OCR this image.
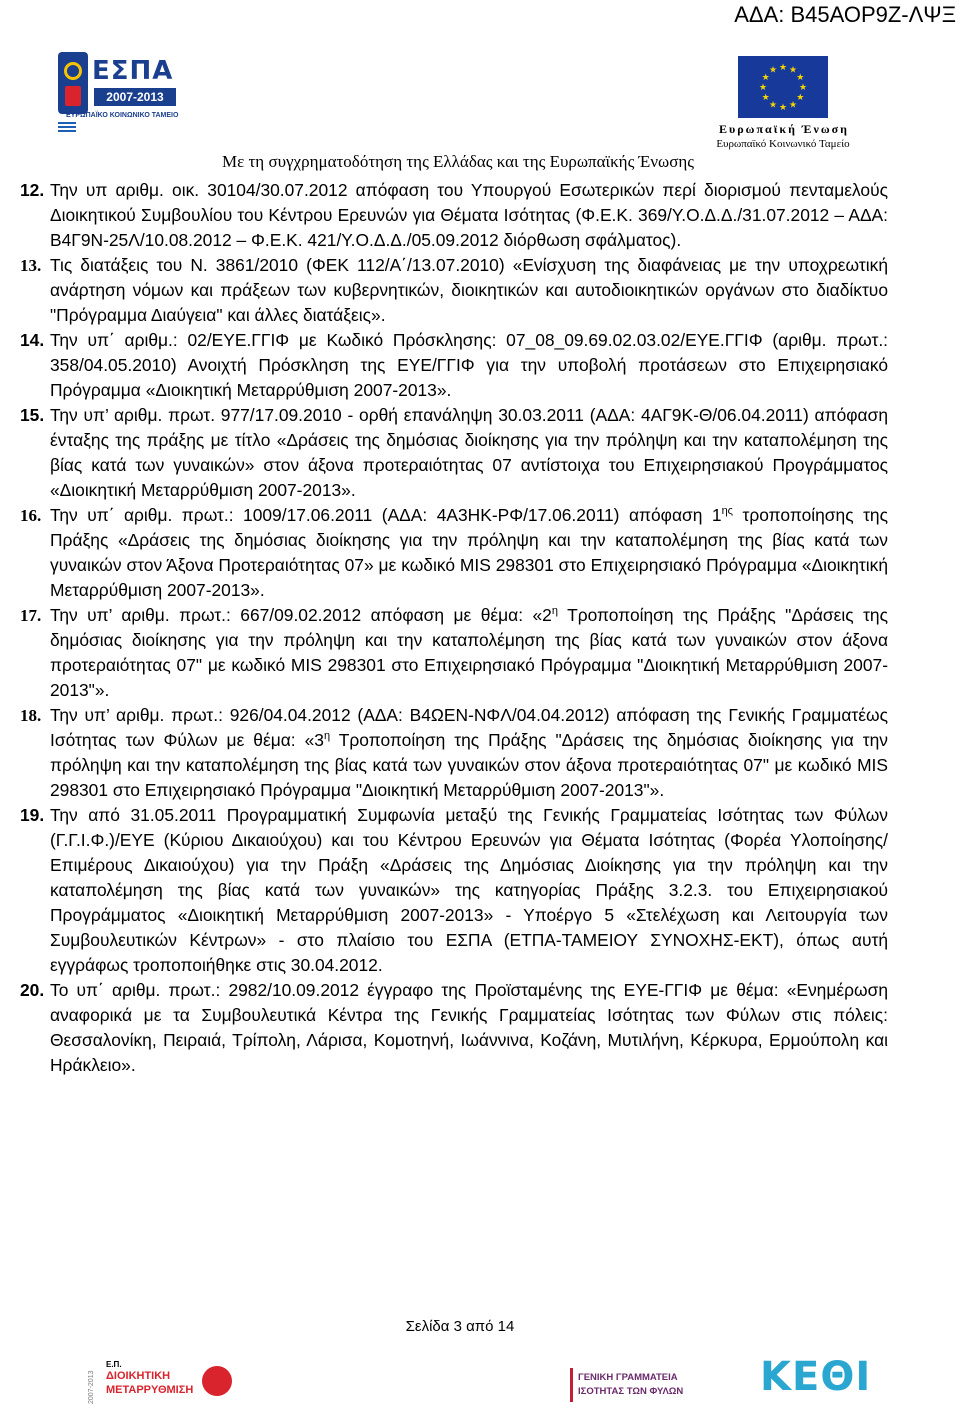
ΑΔΑ: Β45ΑΟΡ9Ζ-ΛΨΞ
ΕΣΠΑ
2007-2013
ΕΥΡΩΠΑΪΚΟ ΚΟΙΝΩΝΙΚΟ ΤΑΜΕΙΟ
★ ★
★
★
★
★
★
★
★
★
★
★
Ευρωπαϊκή Ένωση
Ευρωπαϊκό Κοινωνικό Ταμείο
Με τη συγχρηματοδότηση της Ελλάδας και της Ευρωπαϊκής Ένωσης
12. Την υπ αριθμ. οικ. 30104/30.07.2012 απόφαση του Υπουργού Εσωτερικών περί διορισμού πενταμελούς Διοικητικού Συμβουλίου του Κέντρου Ερευνών για Θέματα Ισότητας (Φ.Ε.Κ. 369/Υ.Ο.Δ.Δ./31.07.2012 – ΑΔΑ: Β4Γ9Ν-25Λ/10.08.2012 – Φ.Ε.Κ. 421/Υ.Ο.Δ.Δ./05.09.2012 διόρθωση σφάλματος).
13. Τις διατάξεις του Ν. 3861/2010 (ΦΕΚ 112/Α΄/13.07.2010) «Ενίσχυση της διαφάνειας με την υποχρεωτική ανάρτηση νόμων και πράξεων των κυβερνητικών, διοικητικών και αυτοδιοικητικών οργάνων στο διαδίκτυο "Πρόγραμμα Διαύγεια" και άλλες διατάξεις».
14. Την υπ΄ αριθμ.: 02/ΕΥΕ.ΓΓΙΦ με Κωδικό Πρόσκλησης: 07_08_09.69.02.03.02/ΕΥΕ.ΓΓΙΦ (αριθμ. πρωτ.: 358/04.05.2010) Ανοιχτή Πρόσκληση της ΕΥΕ/ΓΓΙΦ για την υποβολή προτάσεων στο Επιχειρησιακό Πρόγραμμα «Διοικητική Μεταρρύθμιση 2007-2013».
15. Την υπ’ αριθμ. πρωτ. 977/17.09.2010 - ορθή επανάληψη 30.03.2011 (ΑΔΑ: 4ΑΓ9Κ-Θ/06.04.2011) απόφαση ένταξης της πράξης με τίτλο «Δράσεις της δημόσιας διοίκησης για την πρόληψη και την καταπολέμηση της βίας κατά των γυναικών» στον άξονα προτεραιότητας 07 αντίστοιχα του Επιχειρησιακού Προγράμματος «Διοικητική Μεταρρύθμιση 2007-2013».
16. Την υπ΄ αριθμ. πρωτ.: 1009/17.06.2011 (ΑΔΑ: 4Α3ΗΚ-ΡΦ/17.06.2011) απόφαση $1^{\eta\varsigma}$ τροποποίησης της Πράξης «Δράσεις της δημόσιας διοίκησης για την πρόληψη και την καταπολέμηση της βίας κατά των γυναικών στον Άξονα Προτεραιότητας 07» με κωδικό MIS 298301 στο Επιχειρησιακό Πρόγραμμα «Διοικητική Μεταρρύθμιση 2007-2013».
17. Την υπ’ αριθμ. πρωτ.: 667/09.02.2012 απόφαση με θέμα: «$2^\eta$ Τροποποίηση της Πράξης "Δράσεις της δημόσιας διοίκησης για την πρόληψη και την καταπολέμηση της βίας κατά των γυναικών στον άξονα προτεραιότητας 07" με κωδικό MIS 298301 στο Επιχειρησιακό Πρόγραμμα "Διοικητική Μεταρρύθμιση 2007-2013"».
18. Την υπ’ αριθμ. πρωτ.: 926/04.04.2012 (ΑΔΑ: Β4ΩΕΝ-ΝΦΛ/04.04.2012) απόφαση της Γενικής Γραμματέως Ισότητας των Φύλων με θέμα: «$3^\eta$ Τροποποίηση της Πράξης "Δράσεις της δημόσιας διοίκησης για την πρόληψη και την καταπολέμηση της βίας κατά των γυναικών στον άξονα προτεραιότητας 07" με κωδικό MIS 298301 στο Επιχειρησιακό Πρόγραμμα "Διοικητική Μεταρρύθμιση 2007-2013"».
19. Την από 31.05.2011 Προγραμματική Συμφωνία μεταξύ της Γενικής Γραμματείας Ισότητας των Φύλων (Γ.Γ.Ι.Φ.)/ΕΥΕ (Κύριου Δικαιούχου) και του Κέντρου Ερευνών για Θέματα Ισότητας (Φορέα Υλοποίησης/Επιμέρους Δικαιούχου) για την Πράξη «Δράσεις της Δημόσιας Διοίκησης για την πρόληψη και την καταπολέμηση της βίας κατά των γυναικών» της κατηγορίας Πράξης 3.2.3. του Επιχειρησιακού Προγράμματος «Διοικητική Μεταρρύθμιση 2007-2013» - Υποέργο 5 «Στελέχωση και Λειτουργία των Συμβουλευτικών Κέντρων» - στο πλαίσιο του ΕΣΠΑ (ΕΤΠΑ-ΤΑΜΕΙΟΥ ΣΥΝΟΧΗΣ-ΕΚΤ), όπως αυτή εγγράφως τροποποιήθηκε στις 30.04.2012.
20. Το υπ΄ αριθμ. πρωτ.: 2982/10.09.2012 έγγραφο της Προϊσταμένης της ΕΥΕ-ΓΓΙΦ με θέμα: «Ενημέρωση αναφορικά με τα Συμβουλευτικά Κέντρα της Γενικής Γραμματείας Ισότητας των Φύλων στις πόλεις: Θεσσαλονίκη, Πειραιά, Τρίπολη, Λάρισα, Κομοτηνή, Ιωάννινα, Κοζάνη, Μυτιλήνη, Κέρκυρα, Ερμούπολη και Ηράκλειο».
Σελίδα 3 από 14
2007-2013
Ε.Π.
ΔΙΟΙΚΗΤΙΚΗ
ΜΕΤΑΡΡΥΘΜΙΣΗ
ΓΕΝΙΚΗ ΓΡΑΜΜΑΤΕΙΑ
ΙΣΟΤΗΤΑΣ ΤΩΝ ΦΥΛΩΝ ΚΕΘΙ
